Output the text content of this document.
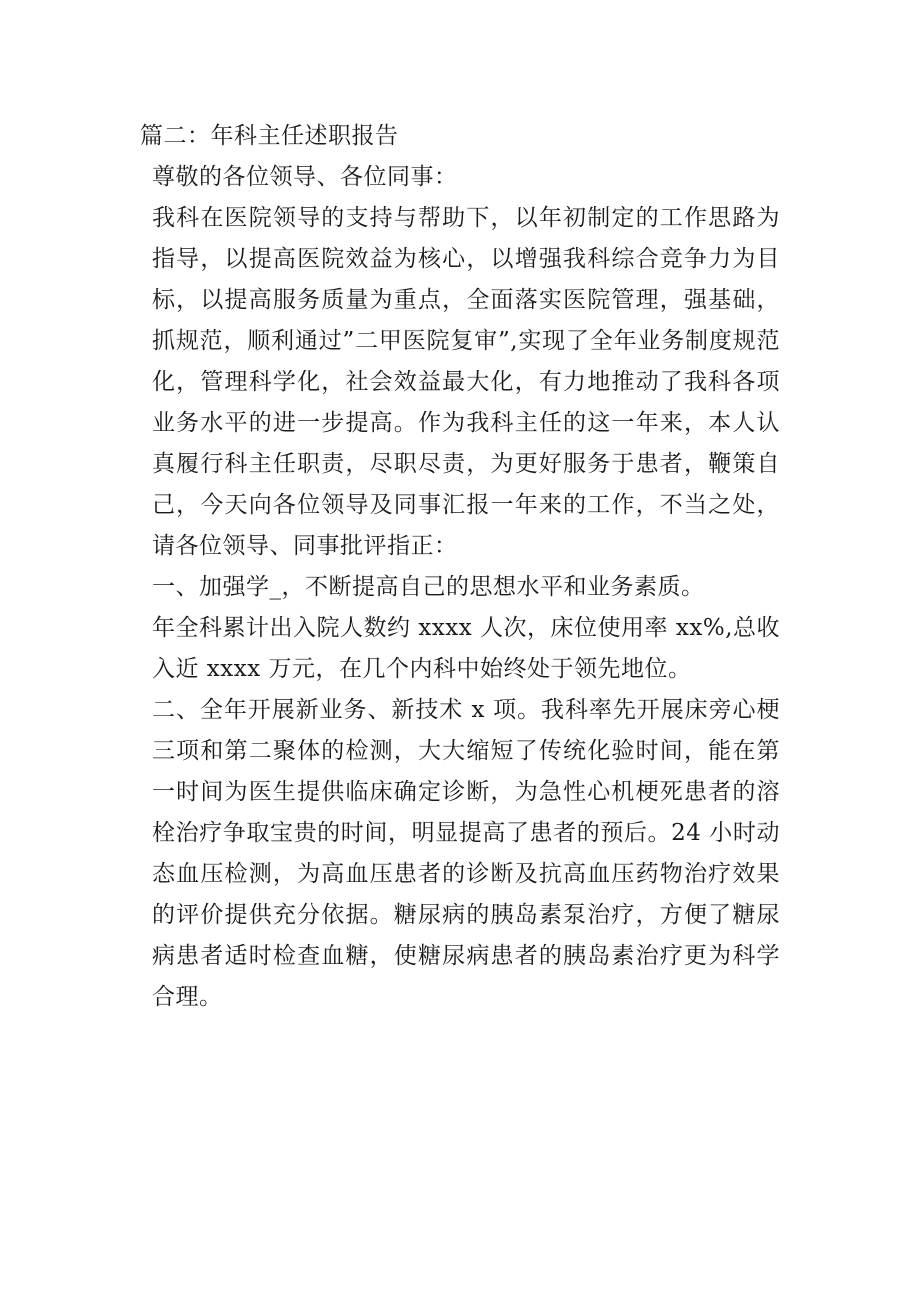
篇二：年科主任述职报告

尊敬的各位领导、各位同事：

我科在医院领导的支持与帮助下，以年初制定的工作思路为指导，以提高医院效益为核心，以增强我科综合竞争力为目标，以提高服务质量为重点，全面落实医院管理，强基础，抓规范，顺利通过”二甲医院复审”,实现了全年业务制度规范化，管理科学化，社会效益最大化，有力地推动了我科各项业务水平的进一步提高。作为我科主任的这一年来，本人认真履行科主任职责，尽职尽责，为更好服务于患者，鞭策自己，今天向各位领导及同事汇报一年来的工作，不当之处，请各位领导、同事批评指正：

一、加强学_，不断提高自己的思想水平和业务素质。

年全科累计出入院人数约 xxxx 人次，床位使用率 xx%,总收入近 xxxx 万元，在几个内科中始终处于领先地位。

二、全年开展新业务、新技术 x 项。我科率先开展床旁心梗三项和第二聚体的检测，大大缩短了传统化验时间，能在第一时间为医生提供临床确定诊断，为急性心机梗死患者的溶栓治疗争取宝贵的时间，明显提高了患者的预后。24 小时动态血压检测，为高血压患者的诊断及抗高血压药物治疗效果的评价提供充分依据。糖尿病的胰岛素泵治疗，方便了糖尿病患者适时检查血糖，使糖尿病患者的胰岛素治疗更为科学合理。
